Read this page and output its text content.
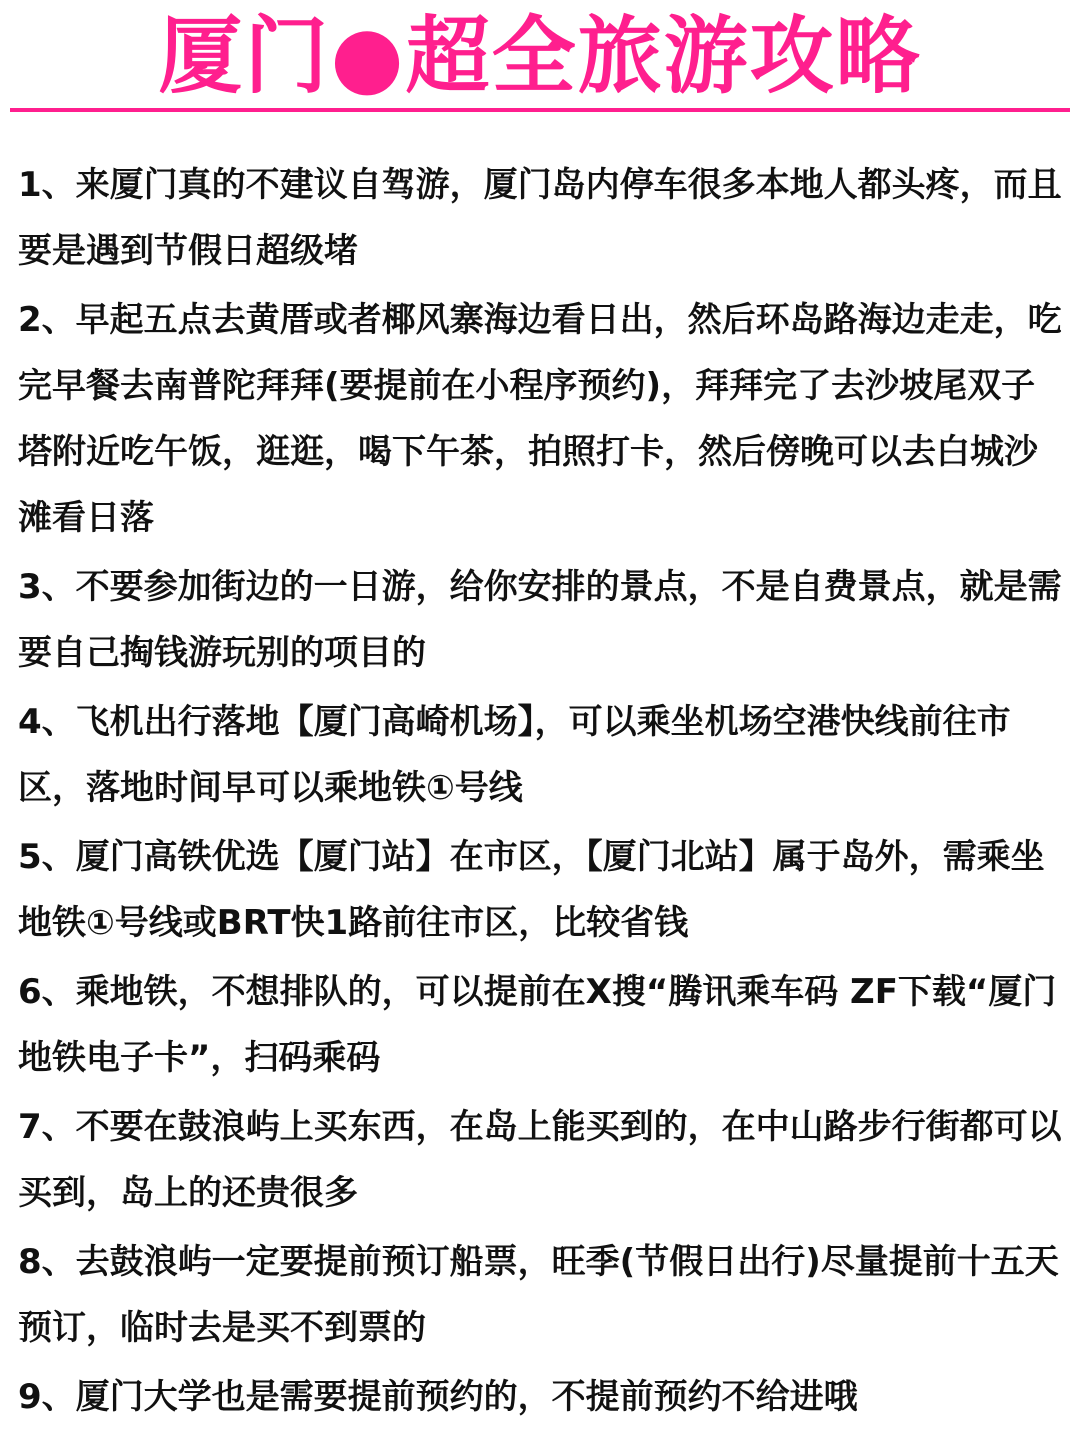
厦门●超全旅游攻略
1、来厦门真的不建议自驾游，厦门岛内停车很多本地人都头疼，而且要是遇到节假日超级堵
2、早起五点去黄厝或者椰风寨海边看日出，然后环岛路海边走走，吃完早餐去南普陀拜拜(要提前在小程序预约)，拜拜完了去沙坡尾双子塔附近吃午饭，逛逛，喝下午茶，拍照打卡，然后傍晚可以去白城沙滩看日落
3、不要参加街边的一日游，给你安排的景点，不是自费景点，就是需要自己掏钱游玩别的项目的
4、飞机出行落地【厦门高崎机场】，可以乘坐机场空港快线前往市区，落地时间早可以乘地铁①号线
5、厦门高铁优选【厦门站】在市区，【厦门北站】属于岛外，需乘坐地铁①号线或BRT快1路前往市区，比较省钱
6、乘地铁，不想排队的，可以提前在X搜“腾讯乘车码 ZF下载“厦门地铁电子卡”，扫码乘码
7、不要在鼓浪屿上买东西，在岛上能买到的，在中山路步行街都可以买到，岛上的还贵很多
8、去鼓浪屿一定要提前预订船票，旺季(节假日出行)尽量提前十五天预订，临时去是买不到票的
9、厦门大学也是需要提前预约的，不提前预约不给进哦
